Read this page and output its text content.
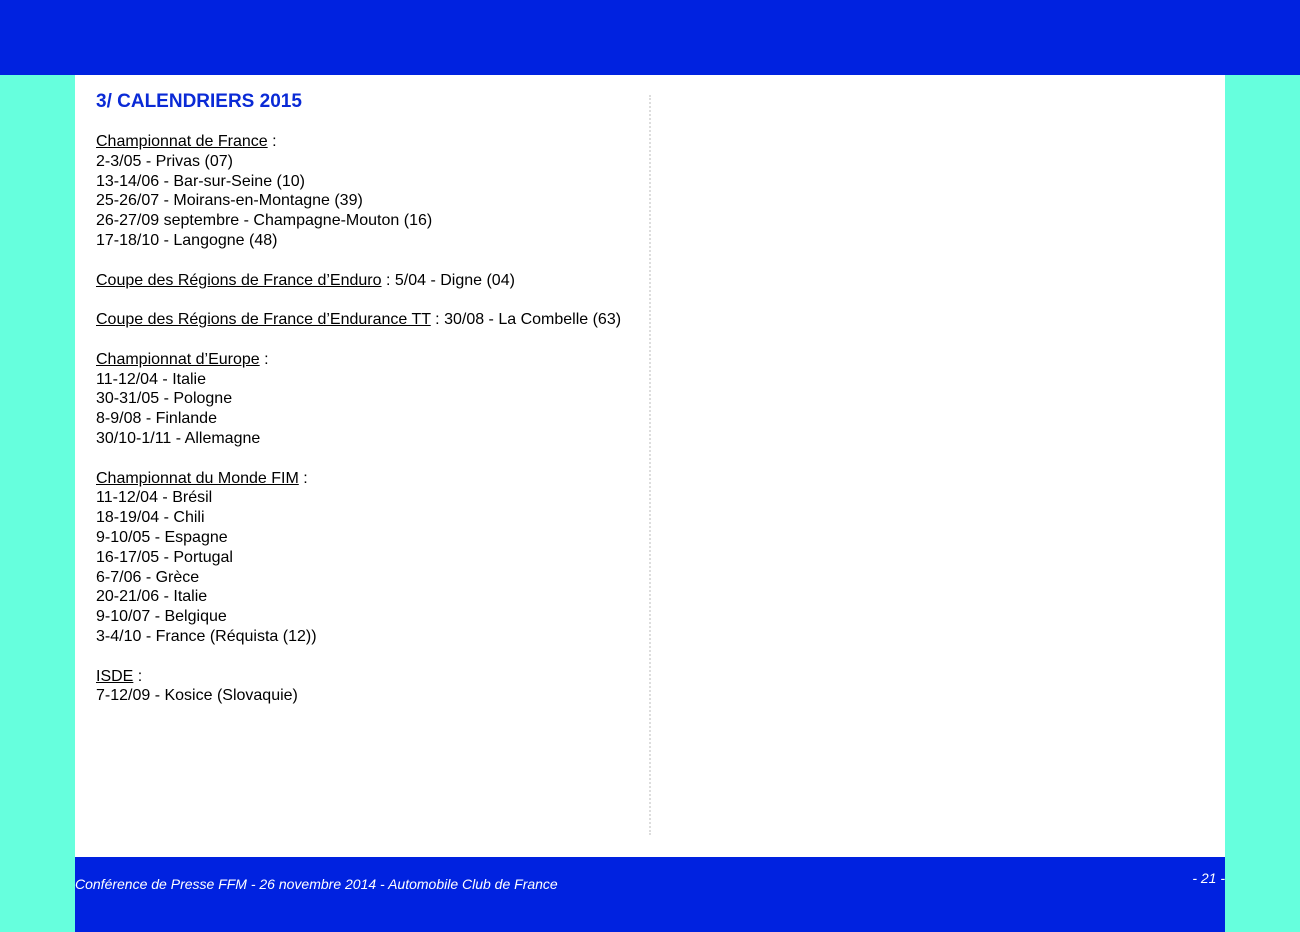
3/ CALENDRIERS 2015
Championnat de France :
2-3/05 - Privas (07)
13-14/06 - Bar-sur-Seine (10)
25-26/07 - Moirans-en-Montagne (39)
26-27/09 septembre - Champagne-Mouton (16)
17-18/10 - Langogne (48)
Coupe des Régions de France d’Enduro : 5/04 - Digne (04)
Coupe des Régions de France d’Endurance TT : 30/08 - La Combelle (63)
Championnat d’Europe :
11-12/04 - Italie
30-31/05 - Pologne
8-9/08 - Finlande
30/10-1/11 - Allemagne
Championnat du Monde FIM :
11-12/04 - Brésil
18-19/04 - Chili
9-10/05 - Espagne
16-17/05 - Portugal
6-7/06 - Grèce
20-21/06 - Italie
9-10/07 - Belgique
3-4/10 - France (Réquista (12))
ISDE :
7-12/09 - Kosice (Slovaquie)
Conférence de Presse FFM - 26 novembre 2014 - Automobile Club de France	- 21 -
